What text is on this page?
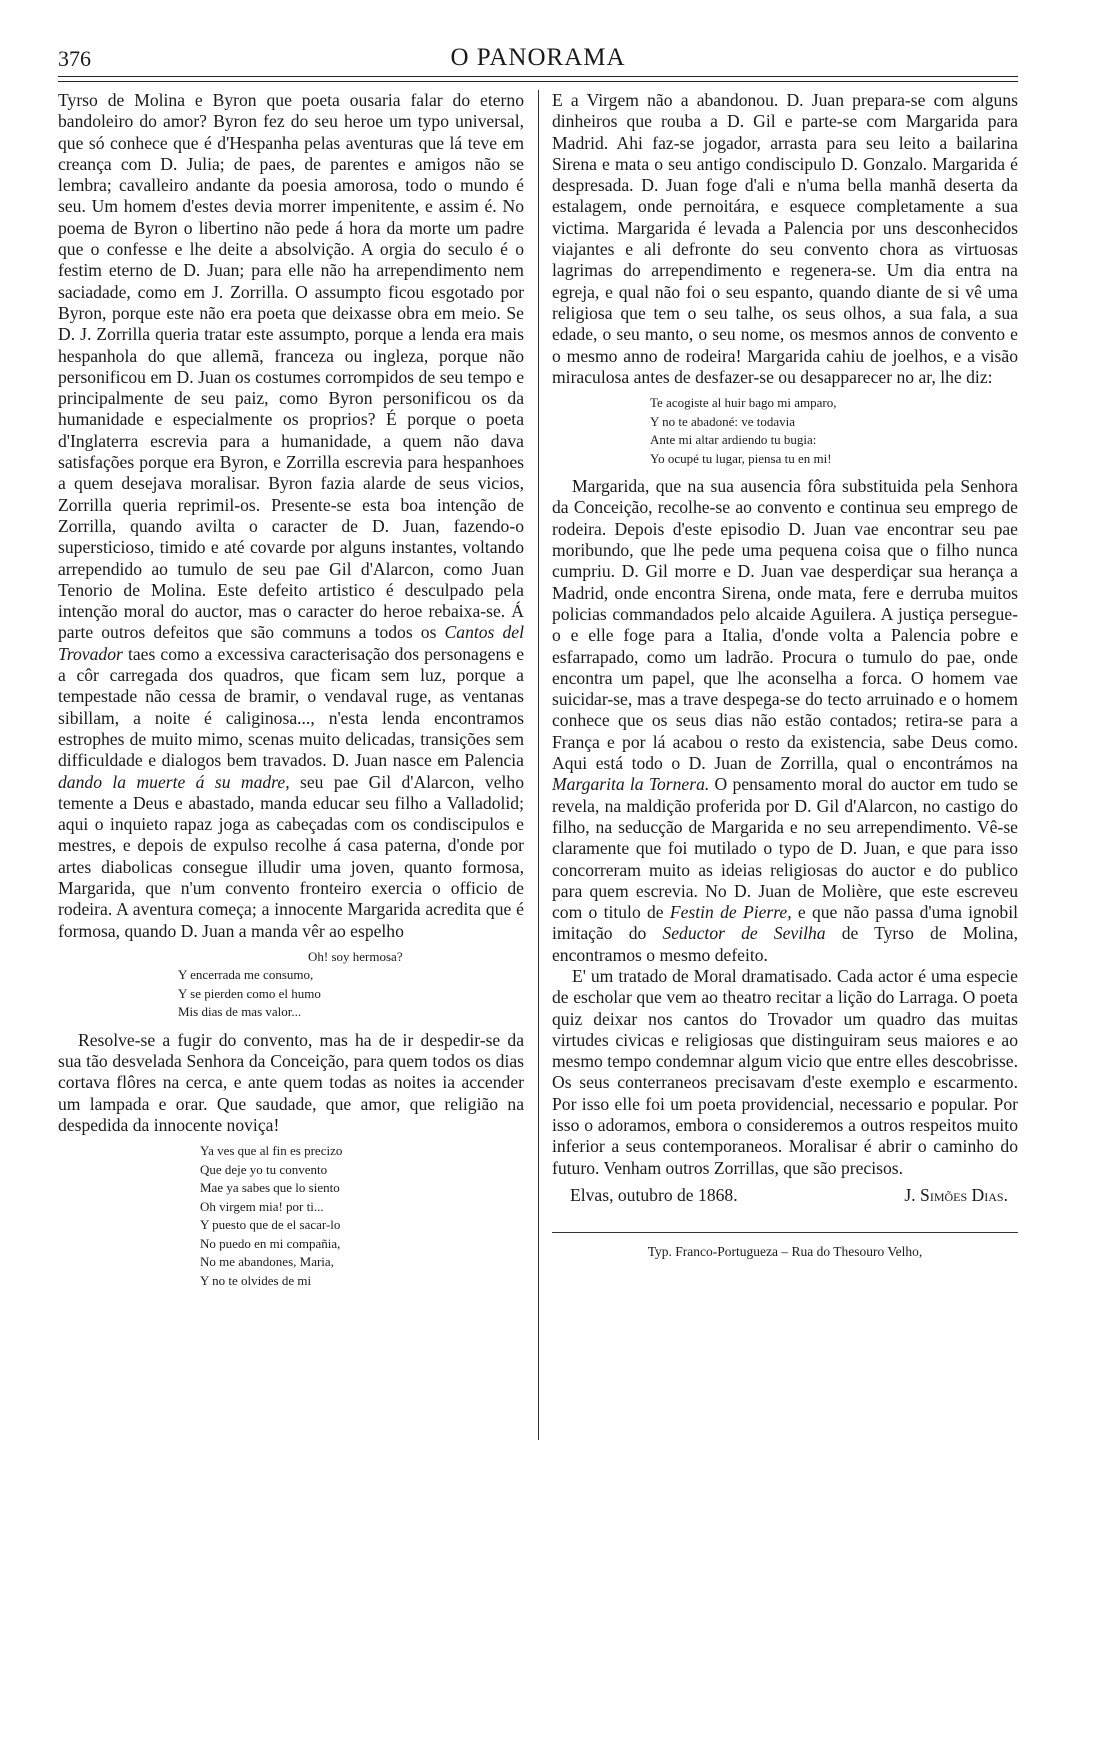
376	O PANORAMA

Tyrso de Molina e Byron que poeta ousaria falar do eterno bandoleiro do amor? Byron fez do seu heroe um typo universal, que só conhece que é d'Hespanha pelas aventuras que lá teve em creança com D. Julia; de paes, de parentes e amigos não se lembra; cavalleiro andante da poesia amorosa, todo o mundo é seu. Um homem d'estes devia morrer impenitente, e assim é. No poema de Byron o libertino não pede á hora da morte um padre que o confesse e lhe deite a absolvição. A orgia do seculo é o festim eterno de D. Juan; para elle não ha arrependimento nem saciadade, como em J. Zorrilla. O assumpto ficou esgotado por Byron, porque este não era poeta que deixasse obra em meio. Se D. J. Zorrilla queria tratar este assumpto, porque a lenda era mais hespanhola do que allemã, franceza ou ingleza, porque não personificou em D. Juan os costumes corrompidos de seu tempo e principalmente de seu paiz, como Byron personificou os da humanidade e especialmente os proprios? É porque o poeta d'Inglaterra escrevia para a humanidade, a quem não dava satisfações porque era Byron, e Zorrilla escrevia para hespanhoes a quem desejava moralisar. Byron fazia alarde de seus vicios, Zorrilla queria reprimil-os. Presente-se esta boa intenção de Zorrilla, quando avilta o caracter de D. Juan, fazendo-o supersticioso, timido e até covarde por alguns instantes, voltando arrependido ao tumulo de seu pae Gil d'Alarcon, como Juan Tenorio de Molina. Este defeito artistico é desculpado pela intenção moral do auctor, mas o caracter do heroe rebaixa-se. Á parte outros defeitos que são communs a todos os Cantos del Trovador taes como a excessiva caracterisação dos personagens e a côr carregada dos quadros, que ficam sem luz, porque a tempestade não cessa de bramir, o vendaval ruge, as ventanas sibillam, a noite é caliginosa..., n'esta lenda encontramos estrophes de muito mimo, scenas muito delicadas, transições sem difficuldade e dialogos bem travados. D. Juan nasce em Palencia dando la muerte á su madre, seu pae Gil d'Alarcon, velho temente a Deus e abastado, manda educar seu filho a Valladolid; aqui o inquieto rapaz joga as cabeçadas com os condiscipulos e mestres, e depois de expulso recolhe á casa paterna, d'onde por artes diabolicas consegue illudir uma joven, quanto formosa, Margarida, que n'um convento fronteiro exercia o officio de rodeira. A aventura começa; a innocente Margarida acredita que é formosa, quando D. Juan a manda vêr ao espelho

Oh! soy hermosa?
Y encerrada me consumo,
Y se pierden como el humo
Mis dias de mas valor...

Resolve-se a fugir do convento, mas ha de ir despedir-se da sua tão desvelada Senhora da Conceição, para quem todos os dias cortava flôres na cerca, e ante quem todas as noites ia accender um lampada e orar. Que saudade, que amor, que religião na despedida da innocente noviça!

Ya ves que al fin es precizo
Que deje yo tu convento
Mae ya sabes que lo siento
Oh virgem mia! por ti...
Y puesto que de el sacar-lo
No puedo en mi compañia,
No me abandones, Maria,
Y no te olvides de mi

E a Virgem não a abandonou. D. Juan prepara-se com alguns dinheiros que rouba a D. Gil e parte-se com Margarida para Madrid. Ahi faz-se jogador, arrasta para seu leito a bailarina Sirena e mata o seu antigo condiscipulo D. Gonzalo. Margarida é despresada. D. Juan foge d'ali e n'uma bella manhã deserta da estalagem, onde pernoitára, e esquece completamente a sua victima. Margarida é levada a Palencia por uns desconhecidos viajantes e ali defronte do seu convento chora as virtuosas lagrimas do arrependimento e regenera-se. Um dia entra na egreja, e qual não foi o seu espanto, quando diante de si vê uma religiosa que tem o seu talhe, os seus olhos, a sua fala, a sua edade, o seu manto, o seu nome, os mesmos annos de convento e o mesmo anno de rodeira! Margarida cahiu de joelhos, e a visão miraculosa antes de desfazer-se ou desapparecer no ar, lhe diz:

Te acogiste al huir bago mi amparo,
Y no te abadoné: ve todavia
Ante mi altar ardiendo tu bugia:
Yo ocupé tu lugar, piensa tu en mi!

Margarida, que na sua ausencia fôra substituida pela Senhora da Conceição, recolhe-se ao convento e continua seu emprego de rodeira. Depois d'este episodio D. Juan vae encontrar seu pae moribundo, que lhe pede uma pequena coisa que o filho nunca cumpriu. D. Gil morre e D. Juan vae desperdiçar sua herança a Madrid, onde encontra Sirena, onde mata, fere e derruba muitos policias commandados pelo alcaide Aguilera. A justiça persegue-o e elle foge para a Italia, d'onde volta a Palencia pobre e esfarrapado, como um ladrão. Procura o tumulo do pae, onde encontra um papel, que lhe aconselha a forca. O homem vae suicidar-se, mas a trave despega-se do tecto arruinado e o homem conhece que os seus dias não estão contados; retira-se para a França e por lá acabou o resto da existencia, sabe Deus como. Aqui está todo o D. Juan de Zorrilla, qual o encontrámos na Margarita la Tornera. O pensamento moral do auctor em tudo se revela, na maldição proferida por D. Gil d'Alarcon, no castigo do filho, na seducção de Margarida e no seu arrependimento. Vê-se claramente que foi mutilado o typo de D. Juan, e que para isso concorreram muito as ideias religiosas do auctor e do publico para quem escrevia. No D. Juan de Molière, que este escreveu com o titulo de Festin de Pierre, e que não passa d'uma ignobil imitação do Seductor de Sevilha de Tyrso de Molina, encontramos o mesmo defeito.

E' um tratado de Moral dramatisado. Cada actor é uma especie de escholar que vem ao theatro recitar a lição do Larraga. O poeta quiz deixar nos cantos do Trovador um quadro das muitas virtudes civicas e religiosas que distinguiram seus maiores e ao mesmo tempo condemnar algum vicio que entre elles descobrisse. Os seus conterraneos precisavam d'este exemplo e escarmento. Por isso elle foi um poeta providencial, necessario e popular. Por isso o adoramos, embora o consideremos a outros respeitos muito inferior a seus contemporaneos. Moralisar é abrir o caminho do futuro. Venham outros Zorrillas, que são precisos.

Elvas, outubro de 1868.	J. Simões Dias.
Typ. Franco-Portugueza – Rua do Thesouro Velho,
